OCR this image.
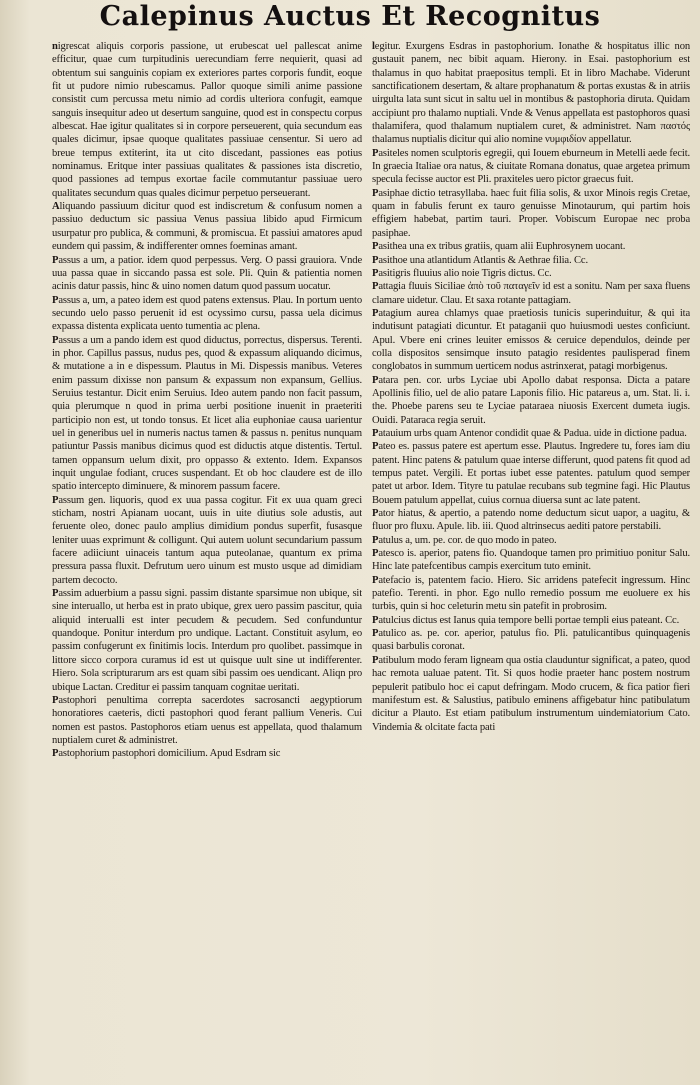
Calepinus Auctus Et Recognitus

nigrescat aliquis corporis passione, ut erubescat uel pallescat anime efficitur, quae cum turpitudinis uerecundiam ferre nequierit, quasi ad obtentum sui sanguinis copiam ex exteriores partes corporis fundit, eoque fit ut pudore nimio rubescamus. Pallor quoque simili anime passione consistit cum percussa metu nimio ad cordis ulteriora confugit, eamque sanguis insequitur adeo ut desertum sanguine, quod est in conspectu corpus albescat. Hae igitur qualitates si in corpore perseuerent, quia secundum eas quales dicimur, ipsae quoque qualitates passiuae censentur. Si uero ad breue tempus extiterint, ita ut cito discedant, passiones eas potius nominamus. Eritque inter passiuas qualitates & passiones ista discretio, quod passiones ad tempus exortae facile commutantur passiuae uero qualitates secundum quas quales dicimur perpetuo perseuerant.

Aliquando passiuum dicitur quod est indiscretum & confusum nomen a passiuo deductum sic passiua Venus passiua libido apud Firmicum usurpatur pro publica, & communi, & promiscua. Et passiui amatores apud eundem qui passim, & indifferenter omnes foeminas amant.

Passus a um, a patior. idem quod perpessus. Verg. O passi grauiora. Vnde uua passa quae in siccando passa est sole. Pli. Quin & patientia nomen acinis datur passis, hinc & uino nomen datum quod passum uocatur.

Passus a, um, a pateo idem est quod patens extensus. Plau. In portum uento secundo uelo passo peruenit id est ocyssimo cursu, passa uela dicimus expassa distenta explicata uento tumentia ac plena.

Passus a um a pando idem est quod diductus, porrectus, dispersus. Terenti. in phor. Capillus passus, nudus pes, quod & expassum aliquando dicimus, & mutatione a in e dispessum. Plautus in Mi. Dispessis manibus. Veteres enim passum dixisse non pansum & expassum non expansum, Gellius. Seruius testantur. Dicit enim Seruius. Ideo autem pando non facit passum, quia plerumque n quod in prima uerbi positione inuenit in praeteriti participio non est, ut tondo tonsus. Et licet alia euphoniae causa uarientur uel in generibus uel in numeris nactus tamen & passus n. penitus nunquam patiuntur Passis manibus dicimus quod est diductis atque distentis. Tertul. tamen oppansum uelum dixit, pro oppasso & extento. Idem. Expansos inquit ungulae fodiant, cruces suspendant. Et ob hoc claudere est de illo spatio intercepto diminuere, & minorem passum facere.

Passum gen. liquoris, quod ex uua passa cogitur. Fit ex uua quam greci sticham, nostri Apianam uocant, uuis in uite diutius sole adustis, aut feruente oleo, donec paulo amplius dimidium pondus superfit, fusasque leniter uuas exprimunt & colligunt. Qui autem uolunt secundarium passum facere adiiciunt uinaceis tantum aqua puteolanae, quantum ex prima pressura passa fluxit. Defrutum uero uinum est musto usque ad dimidiam partem decocto.

Passim aduerbium a passu signi. passim distante sparsimue non ubique, sit sine interuallo, ut herba est in prato ubique, grex uero passim pascitur, quia aliquid interualli est inter pecudem & pecudem. Sed confunduntur quandoque. Ponitur interdum pro undique. Lactant. Constituit asylum, eo passim confugerunt ex finitimis locis. Interdum pro quolibet. passimque in littore sicco corpora curamus id est ut quisque uult sine ut indifferenter. Hiero. Sola scripturarum ars est quam sibi passim oes uendicant. Aliqn pro ubique Lactan. Creditur ei passim tanquam cognitae ueritati.

Pastophori penultima correpta sacerdotes sacrosancti aegyptiorum honoratiores caeteris, dicti pastophori quod ferant pallium Veneris. Cui nomen est pastos. Pastophoros etiam uenus est appellata, quod thalamum nuptialem curet & administret.

Pastophorium pastophori domicilium. Apud Esdram sic

legitur. Exurgens Esdras in pastophorium. Ionathe & hospitatus illic non gustauit panem, nec bibit aquam. Hierony. in Esai. pastophorium est thalamus in quo habitat praepositus templi. Et in libro Machabe. Viderunt sanctificationem desertam, & altare prophanatum & portas exustas & in atriis uirgulta lata sunt sicut in saltu uel in montibus & pastophoria diruta. Quidam accipiunt pro thalamo nuptiali. Vnde & Venus appellata est pastophoros quasi thalamifera, quod thalamum nuptialem curet, & administret. Nam παστός thalamus nuptialis dicitur qui alio nomine νυμφιδίον appellatur.

Pasiteles nomen sculptoris egregii, qui Iouem eburneum in Metelli aede fecit. In graecia Italiae ora natus, & ciuitate Romana donatus, quae argetea primum specula fecisse auctor est Pli. praxiteles uero pictor graecus fuit.

Pasiphae dictio tetrasyllaba. haec fuit filia solis, & uxor Minois regis Cretae, quam in fabulis ferunt ex tauro genuisse Minotaurum, qui partim hois effigiem habebat, partim tauri. Proper. Vobiscum Europae nec proba pasiphae.

Pasithea una ex tribus gratiis, quam alii Euphrosynem uocant.

Pasithoe una atlantidum Atlantis & Aethrae filia. Cc.

Pasitigris fluuius alio noie Tigris dictus. Cc.

Pattagia fluuis Siciliae ἀπὸ τοῦ παταγεῖν id est a sonitu. Nam per saxa fluens clamare uidetur. Clau. Et saxa rotante pattagiam.

Patagium aurea chlamys quae praetiosis tunicis superinduitur, & qui ita indutisunt patagiati dicuntur. Et pataganii quo huiusmodi uestes conficiunt. Apul. Vbere eni crines leuiter emissos & ceruice dependulos, deinde per colla dispositos sensimque insuto patagio residentes paulisperad finem conglobatos in summum uerticem nodus astrinxerat, patagi morbigenus.

Patara pen. cor. urbs Lyciae ubi Apollo dabat responsa. Dicta a patare Apollinis filio, uel de alio patare Laponis filio. Hic patareus a, um. Stat. li. i. the. Phoebe parens seu te Lyciae pataraea niuosis Exercent dumeta iugis. Ouidi. Pataraca regia seruit.

Patauium urbs quam Antenor condidit quae & Padua. uide in dictione padua.

Pateo es. passus patere est apertum esse. Plautus. Ingredere tu, fores iam diu patent. Hinc patens & patulum quae interse differunt, quod patens fit quod ad tempus patet. Vergili. Et portas iubet esse patentes. patulum quod semper patet ut arbor. Idem. Tityre tu patulae recubans sub tegmine fagi. Hic Plautus Bouem patulum appellat, cuius cornua diuersa sunt ac late patent.

Pator hiatus, & apertio, a patendo nome deductum sicut uapor, a uagitu, & fluor pro fluxu. Apule. lib. iii. Quod altrinsecus aediti patore perstabili.

Patulus a, um. pe. cor. de quo modo in pateo.

Patesco is. aperior, patens fio. Quandoque tamen pro primitiuo ponitur Salu. Hinc late patefcentibus campis exercitum tuto eminit.

Patefacio is, patentem facio. Hiero. Sic arridens patefecit ingressum. Hinc patefio. Terenti. in phor. Ego nullo remedio possum me euoluere ex his turbis, quin si hoc celeturin metu sin patefit in probrosim.

Patulcius dictus est Ianus quia tempore belli portae templi eius pateant. Cc.

Patulico as. pe. cor. aperior, patulus fio. Pli. patulicantibus quinquagenis quasi barbulis coronat.

Patibulum modo feram ligneam qua ostia clauduntur significat, a pateo, quod hac remota ualuae patent. Tit. Si quos hodie praeter hanc postem nostrum pepulerit patibulo hoc ei caput defringam. Modo crucem, & fica patior fieri manifestum est. & Salustius, patibulo eminens affigebatur hinc patibulatum dicitur a Plauto. Est etiam patibulum instrumentum uindemiatorium Cato. Vindemia & olcitate facta pati
